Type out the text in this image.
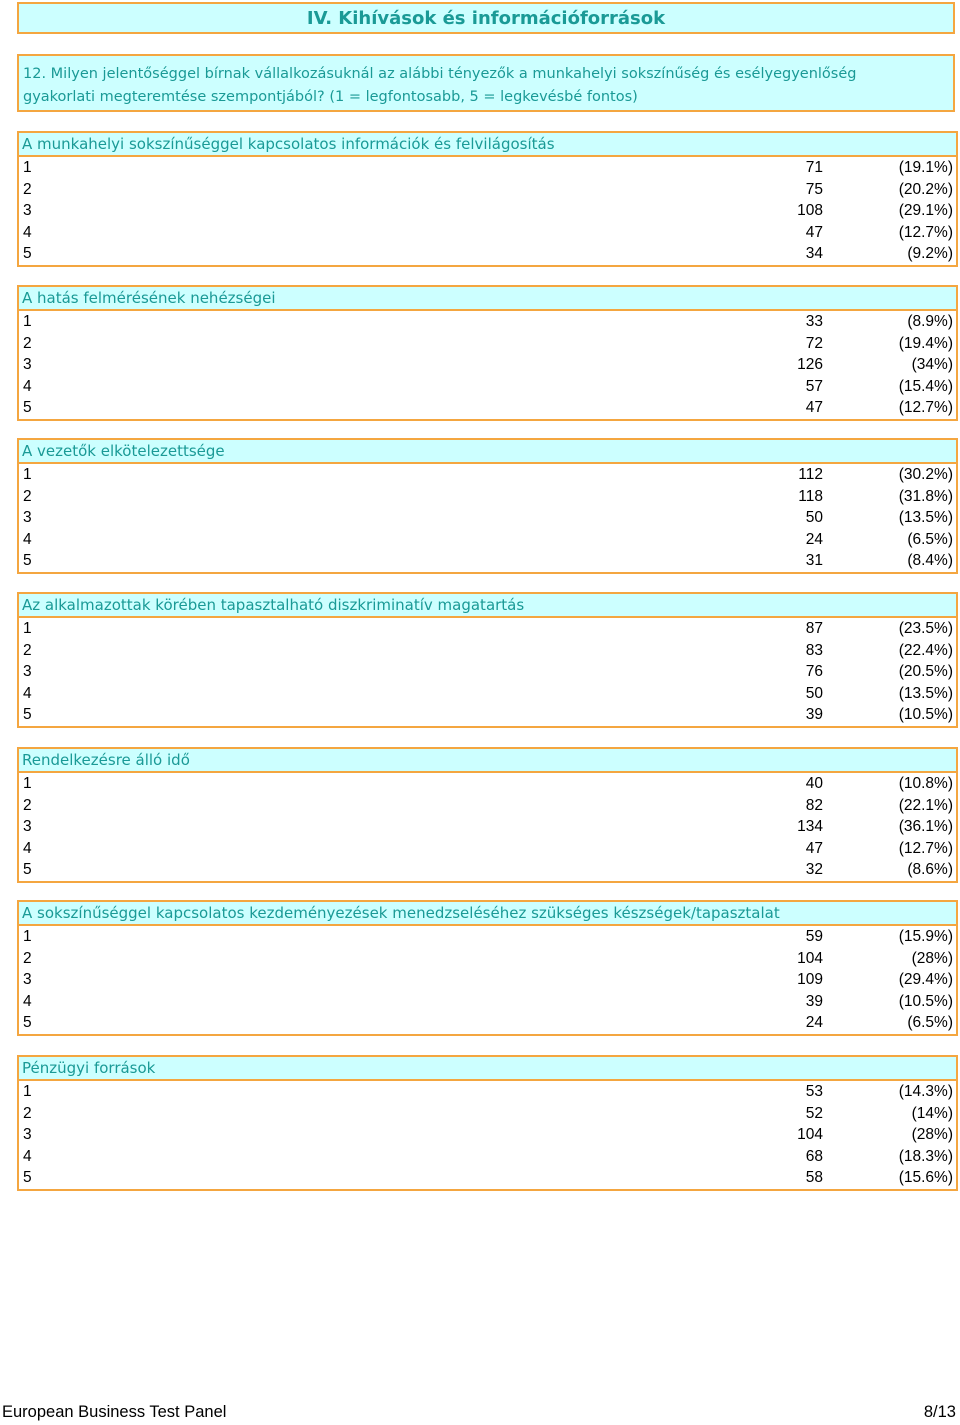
IV. Kihívások és információforrások
12. Milyen jelentőséggel bírnak vállalkozásuknál az alábbi tényezők a munkahelyi sokszínűség és esélyegyenlőség
gyakorlati megteremtése szempontjából? (1 = legfontosabb, 5 = legkevésbé fontos)
A munkahelyi sokszínűséggel kapcsolatos információk és felvilágosítás
1	71	(19.1%)
2	75	(20.2%)
3	108	(29.1%)
4	47	(12.7%)
5	34	(9.2%)
A hatás felmérésének nehézségei
1	33	(8.9%)
2	72	(19.4%)
3	126	(34%)
4	57	(15.4%)
5	47	(12.7%)
A vezetők elkötelezettsége
1	112	(30.2%)
2	118	(31.8%)
3	50	(13.5%)
4	24	(6.5%)
5	31	(8.4%)
Az alkalmazottak körében tapasztalható diszkriminatív magatartás
1	87	(23.5%)
2	83	(22.4%)
3	76	(20.5%)
4	50	(13.5%)
5	39	(10.5%)
Rendelkezésre álló idő
1	40	(10.8%)
2	82	(22.1%)
3	134	(36.1%)
4	47	(12.7%)
5	32	(8.6%)
A sokszínűséggel kapcsolatos kezdeményezések menedzseléséhez szükséges készségek/tapasztalat
1	59	(15.9%)
2	104	(28%)
3	109	(29.4%)
4	39	(10.5%)
5	24	(6.5%)
Pénzügyi források
1	53	(14.3%)
2	52	(14%)
3	104	(28%)
4	68	(18.3%)
5	58	(15.6%)
European Business Test Panel	8/13
